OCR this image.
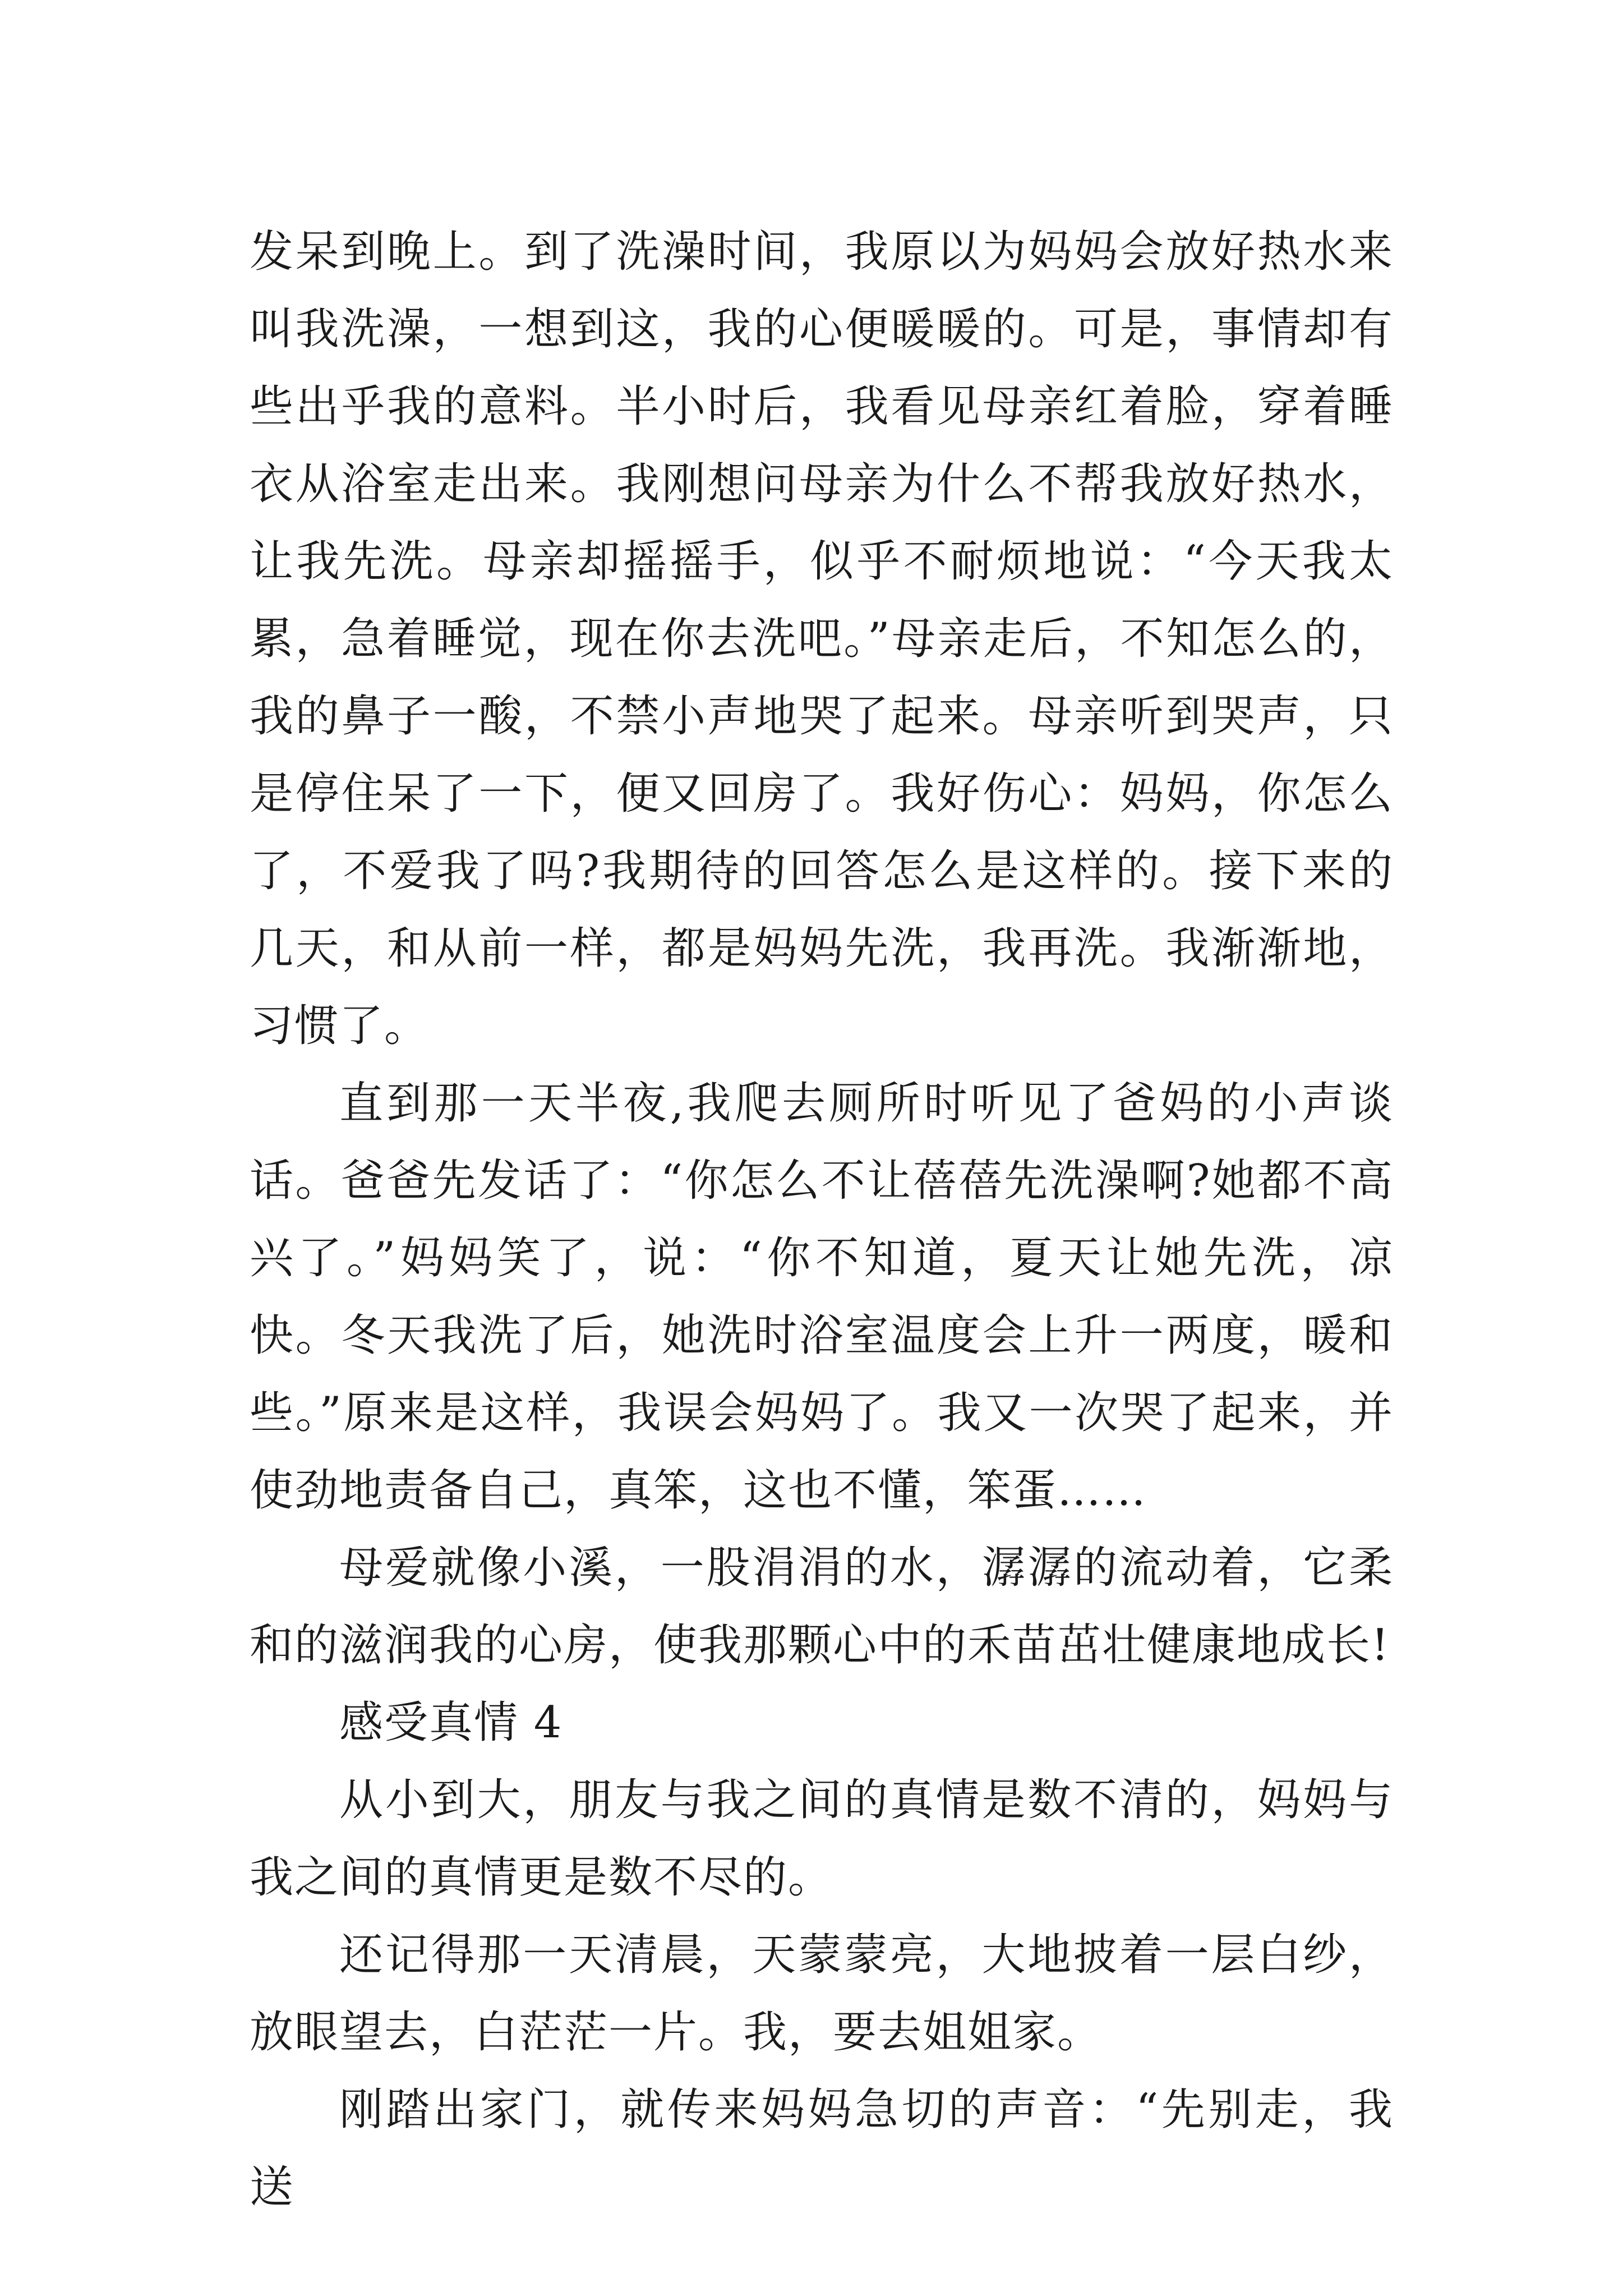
发呆到晚上。到了洗澡时间，我原以为妈妈会放好热水来叫我洗澡，一想到这，我的心便暖暖的。可是，事情却有些出乎我的意料。半小时后，我看见母亲红着脸，穿着睡衣从浴室走出来。我刚想问母亲为什么不帮我放好热水，让我先洗。母亲却摇摇手，似乎不耐烦地说：“今天我太累，急着睡觉，现在你去洗吧。”母亲走后，不知怎么的，我的鼻子一酸，不禁小声地哭了起来。母亲听到哭声，只是停住呆了一下，便又回房了。我好伤心：妈妈，你怎么了，不爱我了吗?我期待的回答怎么是这样的。接下来的几天，和从前一样，都是妈妈先洗，我再洗。我渐渐地，习惯了。

直到那一天半夜,我爬去厕所时听见了爸妈的小声谈话。爸爸先发话了：“你怎么不让蓓蓓先洗澡啊?她都不高兴了。”妈妈笑了，说：“你不知道，夏天让她先洗，凉快。冬天我洗了后，她洗时浴室温度会上升一两度，暖和些。”原来是这样，我误会妈妈了。我又一次哭了起来，并使劲地责备自己，真笨，这也不懂，笨蛋……

母爱就像小溪，一股涓涓的水，潺潺的流动着，它柔和的滋润我的心房，使我那颗心中的禾苗茁壮健康地成长!

感受真情 4

从小到大，朋友与我之间的真情是数不清的，妈妈与我之间的真情更是数不尽的。

还记得那一天清晨，天蒙蒙亮，大地披着一层白纱，放眼望去，白茫茫一片。我，要去姐姐家。

刚踏出家门，就传来妈妈急切的声音：“先别走，我送
